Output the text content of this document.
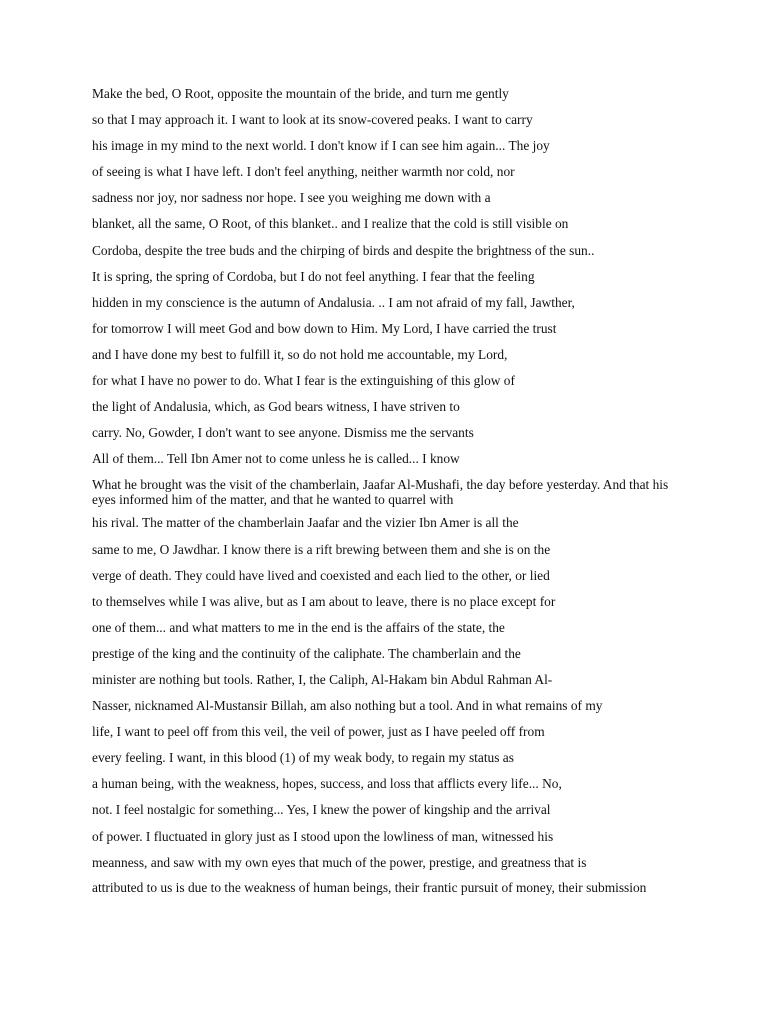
Make the bed, O Root, opposite the mountain of the bride, and turn me gently
so that I may approach it. I want to look at its snow-covered peaks. I want to carry
his image in my mind to the next world. I don't know if I can see him again... The joy
of seeing is what I have left. I don't feel anything, neither warmth nor cold, nor
sadness nor joy, nor sadness nor hope. I see you weighing me down with a
blanket, all the same, O Root, of this blanket.. and I realize that the cold is still visible on
Cordoba, despite the tree buds and the chirping of birds and despite the brightness of the sun..
It is spring, the spring of Cordoba, but I do not feel anything. I fear that the feeling
hidden in my conscience is the autumn of Andalusia. .. I am not afraid of my fall, Jawther,
for tomorrow I will meet God and bow down to Him. My Lord, I have carried the trust
and I have done my best to fulfill it, so do not hold me accountable, my Lord,
for what I have no power to do. What I fear is the extinguishing of this glow of
the light of Andalusia, which, as God bears witness, I have striven to
carry. No, Gowder, I don't want to see anyone. Dismiss me the servants
All of them... Tell Ibn Amer not to come unless he is called... I know
What he brought was the visit of the chamberlain, Jaafar Al-Mushafi, the day before yesterday. And that his eyes informed him of the matter, and that he wanted to quarrel with
his rival. The matter of the chamberlain Jaafar and the vizier Ibn Amer is all the
same to me, O Jawdhar. I know there is a rift brewing between them and she is on the
verge of death. They could have lived and coexisted and each lied to the other, or lied
to themselves while I was alive, but as I am about to leave, there is no place except for
one of them... and what matters to me in the end is the affairs of the state, the
prestige of the king and the continuity of the caliphate. The chamberlain and the
minister are nothing but tools. Rather, I, the Caliph, Al-Hakam bin Abdul Rahman Al-
Nasser, nicknamed Al-Mustansir Billah, am also nothing but a tool. And in what remains of my
life, I want to peel off from this veil, the veil of power, just as I have peeled off from
every feeling. I want, in this blood (1) of my weak body, to regain my status as
a human being, with the weakness, hopes, success, and loss that afflicts every life... No,
not. I feel nostalgic for something... Yes, I knew the power of kingship and the arrival
of power. I fluctuated in glory just as I stood upon the lowliness of man, witnessed his
meanness, and saw with my own eyes that much of the power, prestige, and greatness that is
attributed to us is due to the weakness of human beings, their frantic pursuit of money, their submission
